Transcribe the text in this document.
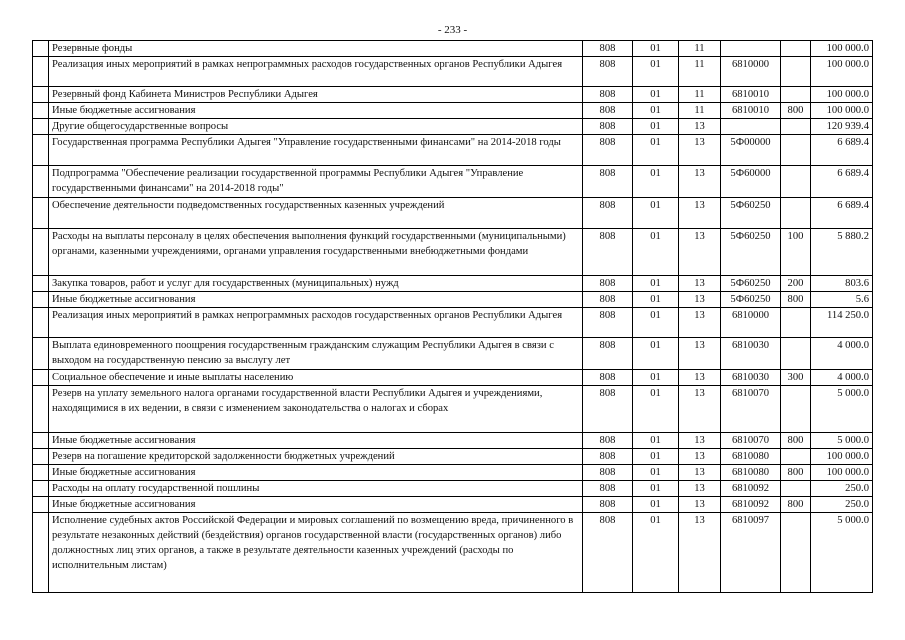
- 233 -
	Резервные фонды	808	01	11			100 000.0
	Реализация иных мероприятий в рамках непрограммных расходов государственных органов Республики Адыгея	808	01	11	6810000		100 000.0
	Резервный фонд Кабинета Министров Республики Адыгея	808	01	11	6810010		100 000.0
	Иные бюджетные ассигнования	808	01	11	6810010	800	100 000.0
	Другие общегосударственные вопросы	808	01	13			120 939.4
	Государственная программа Республики Адыгея "Управление государственными финансами" на 2014-2018 годы	808	01	13	5Ф00000		6 689.4
	Подпрограмма "Обеспечение реализации государственной программы Республики Адыгея "Управление государственными финансами" на 2014-2018 годы"	808	01	13	5Ф60000		6 689.4
	Обеспечение деятельности подведомственных государственных казенных учреждений	808	01	13	5Ф60250		6 689.4
	Расходы на выплаты персоналу в целях обеспечения выполнения функций государственными (муниципальными) органами, казенными учреждениями, органами управления государственными внебюджетными фондами	808	01	13	5Ф60250	100	5 880.2
	Закупка товаров, работ и услуг для государственных (муниципальных) нужд	808	01	13	5Ф60250	200	803.6
	Иные бюджетные ассигнования	808	01	13	5Ф60250	800	5.6
	Реализация иных мероприятий в рамках непрограммных расходов государственных органов Республики Адыгея	808	01	13	6810000		114 250.0
	Выплата единовременного поощрения государственным гражданским служащим Республики Адыгея в связи с выходом на государственную пенсию за выслугу лет	808	01	13	6810030		4 000.0
	Социальное обеспечение и иные выплаты населению	808	01	13	6810030	300	4 000.0
	Резерв на уплату земельного налога органами государственной власти Республики Адыгея и учреждениями, находящимися в их ведении, в связи с изменением законодательства о налогах и сборах	808	01	13	6810070		5 000.0
	Иные бюджетные ассигнования	808	01	13	6810070	800	5 000.0
	Резерв на погашение кредиторской задолженности бюджетных учреждений	808	01	13	6810080		100 000.0
	Иные бюджетные ассигнования	808	01	13	6810080	800	100 000.0
	Расходы на оплату государственной пошлины	808	01	13	6810092		250.0
	Иные бюджетные ассигнования	808	01	13	6810092	800	250.0
	Исполнение судебных актов Российской Федерации и мировых соглашений по возмещению вреда, причиненного в результате незаконных действий (бездействия) органов государственной власти (государственных органов) либо должностных лиц этих органов, а также в результате деятельности казенных учреждений (расходы по исполнительным листам)	808	01	13	6810097		5 000.0
